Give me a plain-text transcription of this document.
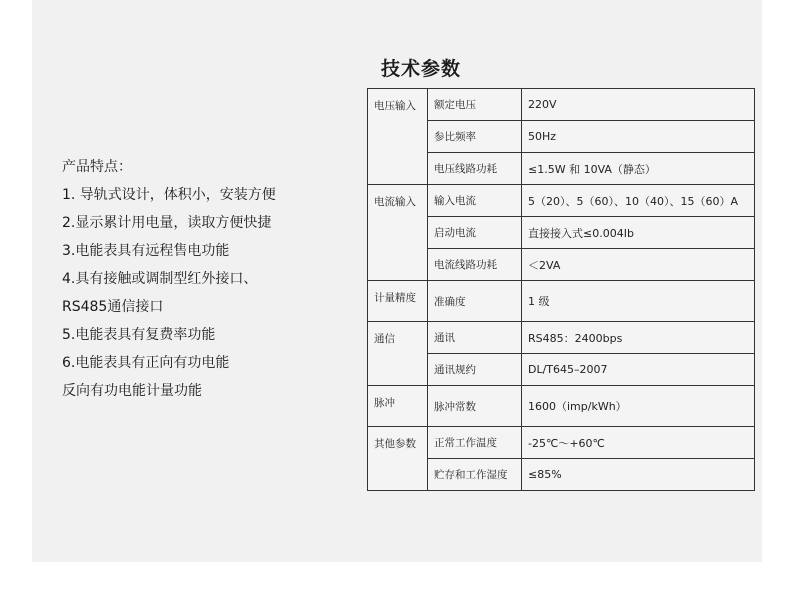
产品特点：
1. 导轨式设计，体积小，安装方便
2.显示累计用电量，读取方便快捷
3.电能表具有远程售电功能
4.具有接触或调制型红外接口、
RS485通信接口
5.电能表具有复费率功能
6.电能表具有正向有功电能
反向有功电能计量功能
技术参数
电压输入	额定电压	220V
	参比频率	50Hz
	电压线路功耗	≤1.5W 和 10VA（静态）
电流输入	输入电流	5（20）、5（60）、10（40）、15（60）A
	启动电流	直接接入式≤0.004Ib
	电流线路功耗	＜2VA
计量精度	准确度	1 级
通信	通讯	RS485：2400bps
	通讯规约	DL/T645–2007
脉冲	脉冲常数	1600（imp/kWh）
其他参数	正常工作温度	-25℃～+60℃
	贮存和工作湿度	≤85%
